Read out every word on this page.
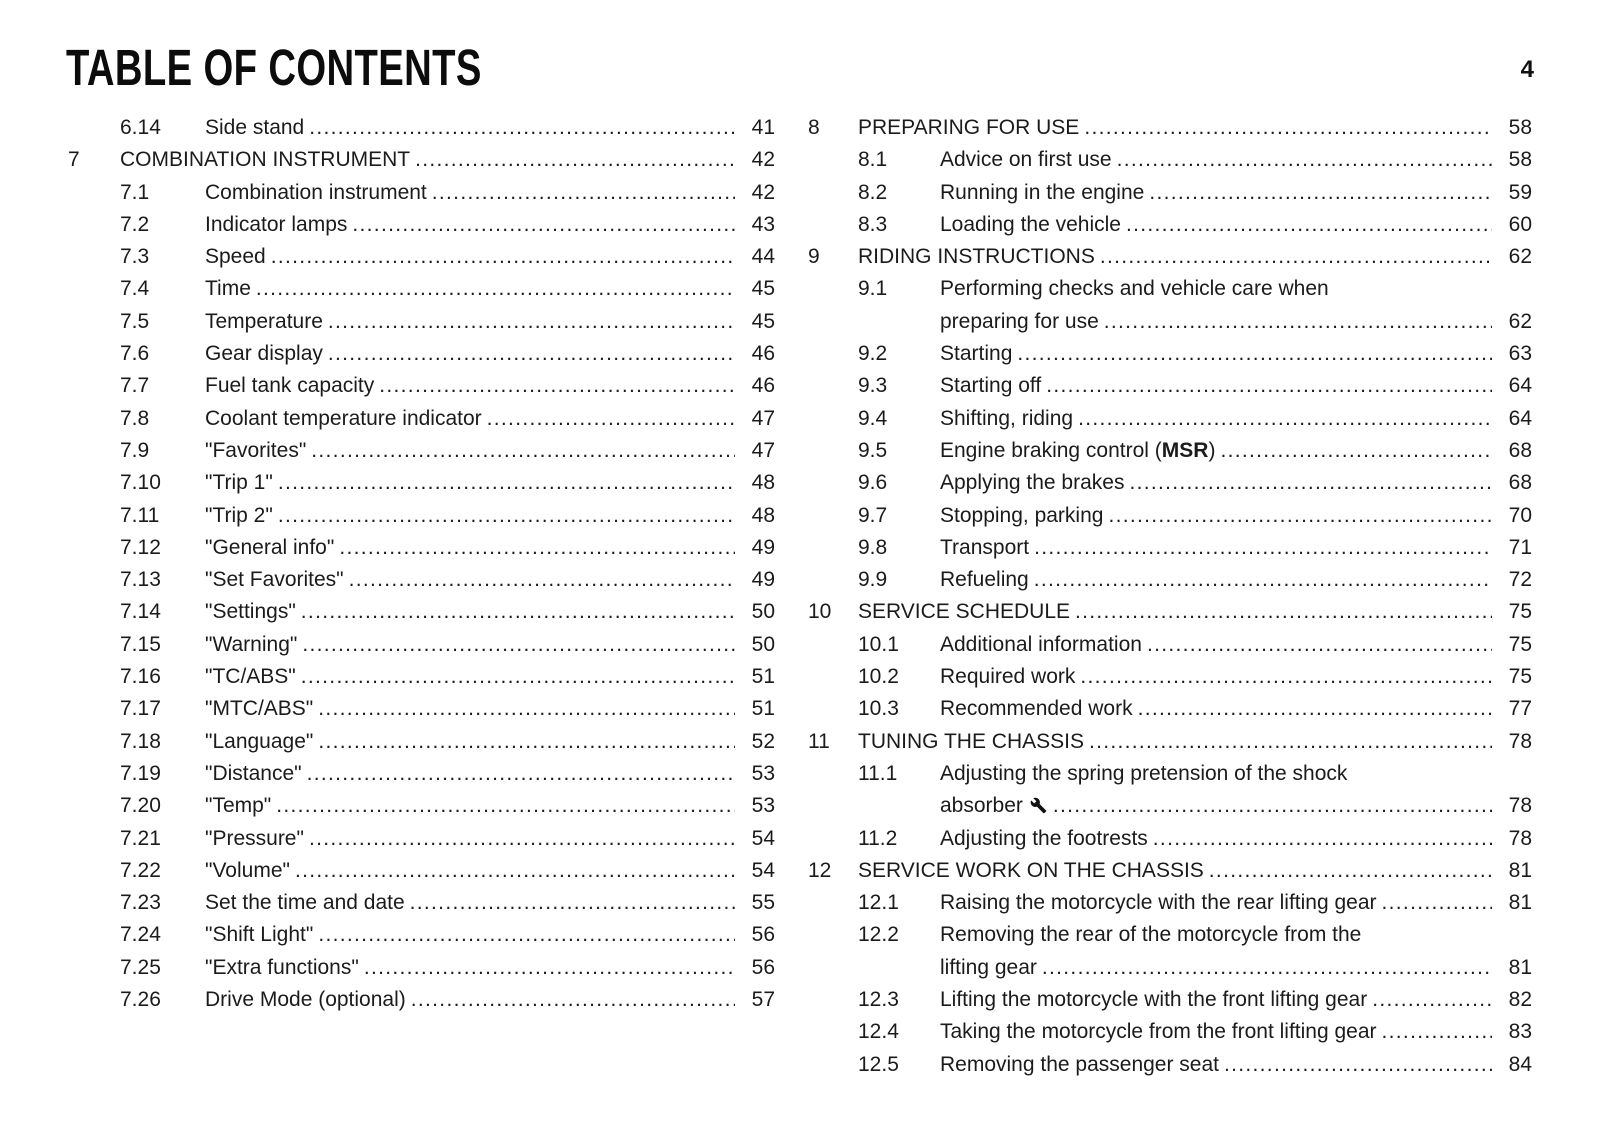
TABLE OF CONTENTS	4
6.14	Side stand .....	41
7	COMBINATION INSTRUMENT .....	42
7.1	Combination instrument .....	42
7.2	Indicator lamps .....	43
7.3	Speed .....	44
7.4	Time .....	45
7.5	Temperature .....	45
7.6	Gear display .....	46
7.7	Fuel tank capacity .....	46
7.8	Coolant temperature indicator .....	47
7.9	"Favorites" .....	47
7.10	"Trip 1" .....	48
7.11	"Trip 2" .....	48
7.12	"General info" .....	49
7.13	"Set Favorites" .....	49
7.14	"Settings" .....	50
7.15	"Warning" .....	50
7.16	"TC/ABS" .....	51
7.17	"MTC/ABS" .....	51
7.18	"Language" .....	52
7.19	"Distance" .....	53
7.20	"Temp" .....	53
7.21	"Pressure" .....	54
7.22	"Volume" .....	54
7.23	Set the time and date .....	55
7.24	"Shift Light" .....	56
7.25	"Extra functions" .....	56
7.26	Drive Mode (optional) .....	57
8	PREPARING FOR USE .....	58
8.1	Advice on first use .....	58
8.2	Running in the engine .....	59
8.3	Loading the vehicle .....	60
9	RIDING INSTRUCTIONS .....	62
9.1	Performing checks and vehicle care when
preparing for use .....	62
9.2	Starting .....	63
9.3	Starting off .....	64
9.4	Shifting, riding .....	64
9.5	Engine braking control (MSR) .....	68
9.6	Applying the brakes .....	68
9.7	Stopping, parking .....	70
9.8	Transport .....	71
9.9	Refueling .....	72
10	SERVICE SCHEDULE .....	75
10.1	Additional information .....	75
10.2	Required work .....	75
10.3	Recommended work .....	77
11	TUNING THE CHASSIS .....	78
11.1	Adjusting the spring pretension of the shock
absorber .....	78
11.2	Adjusting the footrests .....	78
12	SERVICE WORK ON THE CHASSIS .....	81
12.1	Raising the motorcycle with the rear lifting gear .....	81
12.2	Removing the rear of the motorcycle from the
lifting gear .....	81
12.3	Lifting the motorcycle with the front lifting gear .....	82
12.4	Taking the motorcycle from the front lifting gear .....	83
12.5	Removing the passenger seat .....	84
